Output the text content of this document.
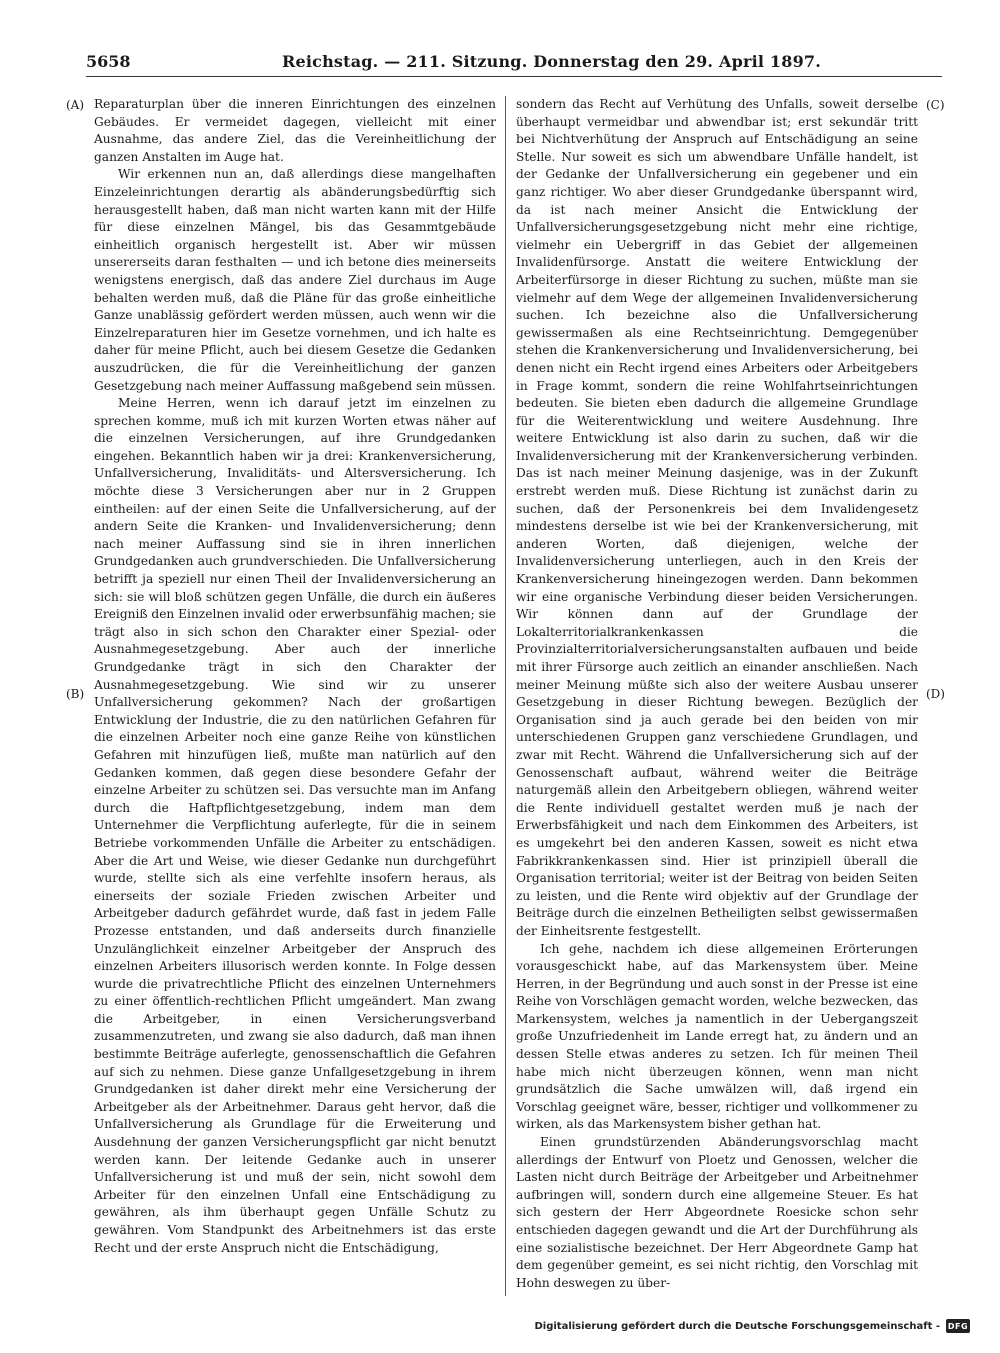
5658	Reichstag. — 211. Sitzung. Donnerstag den 29. April 1897.
(A)
(B)
(C)
(D)

Reparaturplan über die inneren Einrichtungen des einzelnen Gebäudes. Er vermeidet dagegen, vielleicht mit einer Ausnahme, das andere Ziel, das die Vereinheitlichung der ganzen Anstalten im Auge hat.

Wir erkennen nun an, daß allerdings diese mangelhaften Einzeleinrichtungen derartig als abänderungsbedürftig sich herausgestellt haben, daß man nicht warten kann mit der Hilfe für diese einzelnen Mängel, bis das Gesammtgebäude einheitlich organisch hergestellt ist. Aber wir müssen unsererseits daran festhalten — und ich betone dies meinerseits wenigstens energisch, daß das andere Ziel durchaus im Auge behalten werden muß, daß die Pläne für das große einheitliche Ganze unablässig gefördert werden müssen, auch wenn wir die Einzelreparaturen hier im Gesetze vornehmen, und ich halte es daher für meine Pflicht, auch bei diesem Gesetze die Gedanken auszudrücken, die für die Vereinheitlichung der ganzen Gesetzgebung nach meiner Auffassung maßgebend sein müssen.

Meine Herren, wenn ich darauf jetzt im einzelnen zu sprechen komme, muß ich mit kurzen Worten etwas näher auf die einzelnen Versicherungen, auf ihre Grundgedanken eingehen. Bekanntlich haben wir ja drei: Krankenversicherung, Unfallversicherung, Invaliditäts- und Altersversicherung. Ich möchte diese 3 Versicherungen aber nur in 2 Gruppen eintheilen: auf der einen Seite die Unfallversicherung, auf der andern Seite die Kranken- und Invalidenversicherung; denn nach meiner Auffassung sind sie in ihren innerlichen Grundgedanken auch grundverschieden. Die Unfallversicherung betrifft ja speziell nur einen Theil der Invalidenversicherung an sich: sie will bloß schützen gegen Unfälle, die durch ein äußeres Ereigniß den Einzelnen invalid oder erwerbsunfähig machen; sie trägt also in sich schon den Charakter einer Spezial- oder Ausnahmegesetzgebung. Aber auch der innerliche Grundgedanke trägt in sich den Charakter der Ausnahmegesetzgebung. Wie sind wir zu unserer Unfallversicherung gekommen? Nach der großartigen Entwicklung der Industrie, die zu den natürlichen Gefahren für die einzelnen Arbeiter noch eine ganze Reihe von künstlichen Gefahren mit hinzufügen ließ, mußte man natürlich auf den Gedanken kommen, daß gegen diese besondere Gefahr der einzelne Arbeiter zu schützen sei. Das versuchte man im Anfang durch die Haftpflichtgesetzgebung, indem man dem Unternehmer die Verpflichtung auferlegte, für die in seinem Betriebe vorkommenden Unfälle die Arbeiter zu entschädigen. Aber die Art und Weise, wie dieser Gedanke nun durchgeführt wurde, stellte sich als eine verfehlte insofern heraus, als einerseits der soziale Frieden zwischen Arbeiter und Arbeitgeber dadurch gefährdet wurde, daß fast in jedem Falle Prozesse entstanden, und daß anderseits durch finanzielle Unzulänglichkeit einzelner Arbeitgeber der Anspruch des einzelnen Arbeiters illusorisch werden konnte. In Folge dessen wurde die privatrechtliche Pflicht des einzelnen Unternehmers zu einer öffentlich-rechtlichen Pflicht umgeändert. Man zwang die Arbeitgeber, in einen Versicherungsverband zusammenzutreten, und zwang sie also dadurch, daß man ihnen bestimmte Beiträge auferlegte, genossenschaftlich die Gefahren auf sich zu nehmen. Diese ganze Unfallgesetzgebung in ihrem Grundgedanken ist daher direkt mehr eine Versicherung der Arbeitgeber als der Arbeitnehmer. Daraus geht hervor, daß die Unfallversicherung als Grundlage für die Erweiterung und Ausdehnung der ganzen Versicherungspflicht gar nicht benutzt werden kann. Der leitende Gedanke auch in unserer Unfallversicherung ist und muß der sein, nicht sowohl dem Arbeiter für den einzelnen Unfall eine Entschädigung zu gewähren, als ihm überhaupt gegen Unfälle Schutz zu gewähren. Vom Standpunkt des Arbeitnehmers ist das erste Recht und der erste Anspruch nicht die Entschädigung,

sondern das Recht auf Verhütung des Unfalls, soweit derselbe überhaupt vermeidbar und abwendbar ist; erst sekundär tritt bei Nichtverhütung der Anspruch auf Entschädigung an seine Stelle. Nur soweit es sich um abwendbare Unfälle handelt, ist der Gedanke der Unfallversicherung ein gegebener und ein ganz richtiger. Wo aber dieser Grundgedanke überspannt wird, da ist nach meiner Ansicht die Entwicklung der Unfallversicherungsgesetzgebung nicht mehr eine richtige, vielmehr ein Uebergriff in das Gebiet der allgemeinen Invalidenfürsorge. Anstatt die weitere Entwicklung der Arbeiterfürsorge in dieser Richtung zu suchen, müßte man sie vielmehr auf dem Wege der allgemeinen Invalidenversicherung suchen. Ich bezeichne also die Unfallversicherung gewissermaßen als eine Rechtseinrichtung. Demgegenüber stehen die Krankenversicherung und Invalidenversicherung, bei denen nicht ein Recht irgend eines Arbeiters oder Arbeitgebers in Frage kommt, sondern die reine Wohlfahrtseinrichtungen bedeuten. Sie bieten eben dadurch die allgemeine Grundlage für die Weiterentwicklung und weitere Ausdehnung. Ihre weitere Entwicklung ist also darin zu suchen, daß wir die Invalidenversicherung mit der Krankenversicherung verbinden. Das ist nach meiner Meinung dasjenige, was in der Zukunft erstrebt werden muß. Diese Richtung ist zunächst darin zu suchen, daß der Personenkreis bei dem Invalidengesetz mindestens derselbe ist wie bei der Krankenversicherung, mit anderen Worten, daß diejenigen, welche der Invalidenversicherung unterliegen, auch in den Kreis der Krankenversicherung hineingezogen werden. Dann bekommen wir eine organische Verbindung dieser beiden Versicherungen. Wir können dann auf der Grundlage der Lokalterritorialkrankenkassen die Provinzialterritorialversicherungsanstalten aufbauen und beide mit ihrer Fürsorge auch zeitlich an einander anschließen. Nach meiner Meinung müßte sich also der weitere Ausbau unserer Gesetzgebung in dieser Richtung bewegen. Bezüglich der Organisation sind ja auch gerade bei den beiden von mir unterschiedenen Gruppen ganz verschiedene Grundlagen, und zwar mit Recht. Während die Unfallversicherung sich auf der Genossenschaft aufbaut, während weiter die Beiträge naturgemäß allein den Arbeitgebern obliegen, während weiter die Rente individuell gestaltet werden muß je nach der Erwerbsfähigkeit und nach dem Einkommen des Arbeiters, ist es umgekehrt bei den anderen Kassen, soweit es nicht etwa Fabrikkrankenkassen sind. Hier ist prinzipiell überall die Organisation territorial; weiter ist der Beitrag von beiden Seiten zu leisten, und die Rente wird objektiv auf der Grundlage der Beiträge durch die einzelnen Betheiligten selbst gewissermaßen der Einheitsrente festgestellt.

Ich gehe, nachdem ich diese allgemeinen Erörterungen vorausgeschickt habe, auf das Markensystem über. Meine Herren, in der Begründung und auch sonst in der Presse ist eine Reihe von Vorschlägen gemacht worden, welche bezwecken, das Markensystem, welches ja namentlich in der Uebergangszeit große Unzufriedenheit im Lande erregt hat, zu ändern und an dessen Stelle etwas anderes zu setzen. Ich für meinen Theil habe mich nicht überzeugen können, wenn man nicht grundsätzlich die Sache umwälzen will, daß irgend ein Vorschlag geeignet wäre, besser, richtiger und vollkommener zu wirken, als das Markensystem bisher gethan hat.

Einen grundstürzenden Abänderungsvorschlag macht allerdings der Entwurf von Ploetz und Genossen, welcher die Lasten nicht durch Beiträge der Arbeitgeber und Arbeitnehmer aufbringen will, sondern durch eine allgemeine Steuer. Es hat sich gestern der Herr Abgeordnete Roesicke schon sehr entschieden dagegen gewandt und die Art der Durchführung als eine sozialistische bezeichnet. Der Herr Abgeordnete Gamp hat dem gegenüber gemeint, es sei nicht richtig, den Vorschlag mit Hohn deswegen zu über-

Digitalisierung gefördert durch die Deutsche Forschungsgemeinschaft - DFG
